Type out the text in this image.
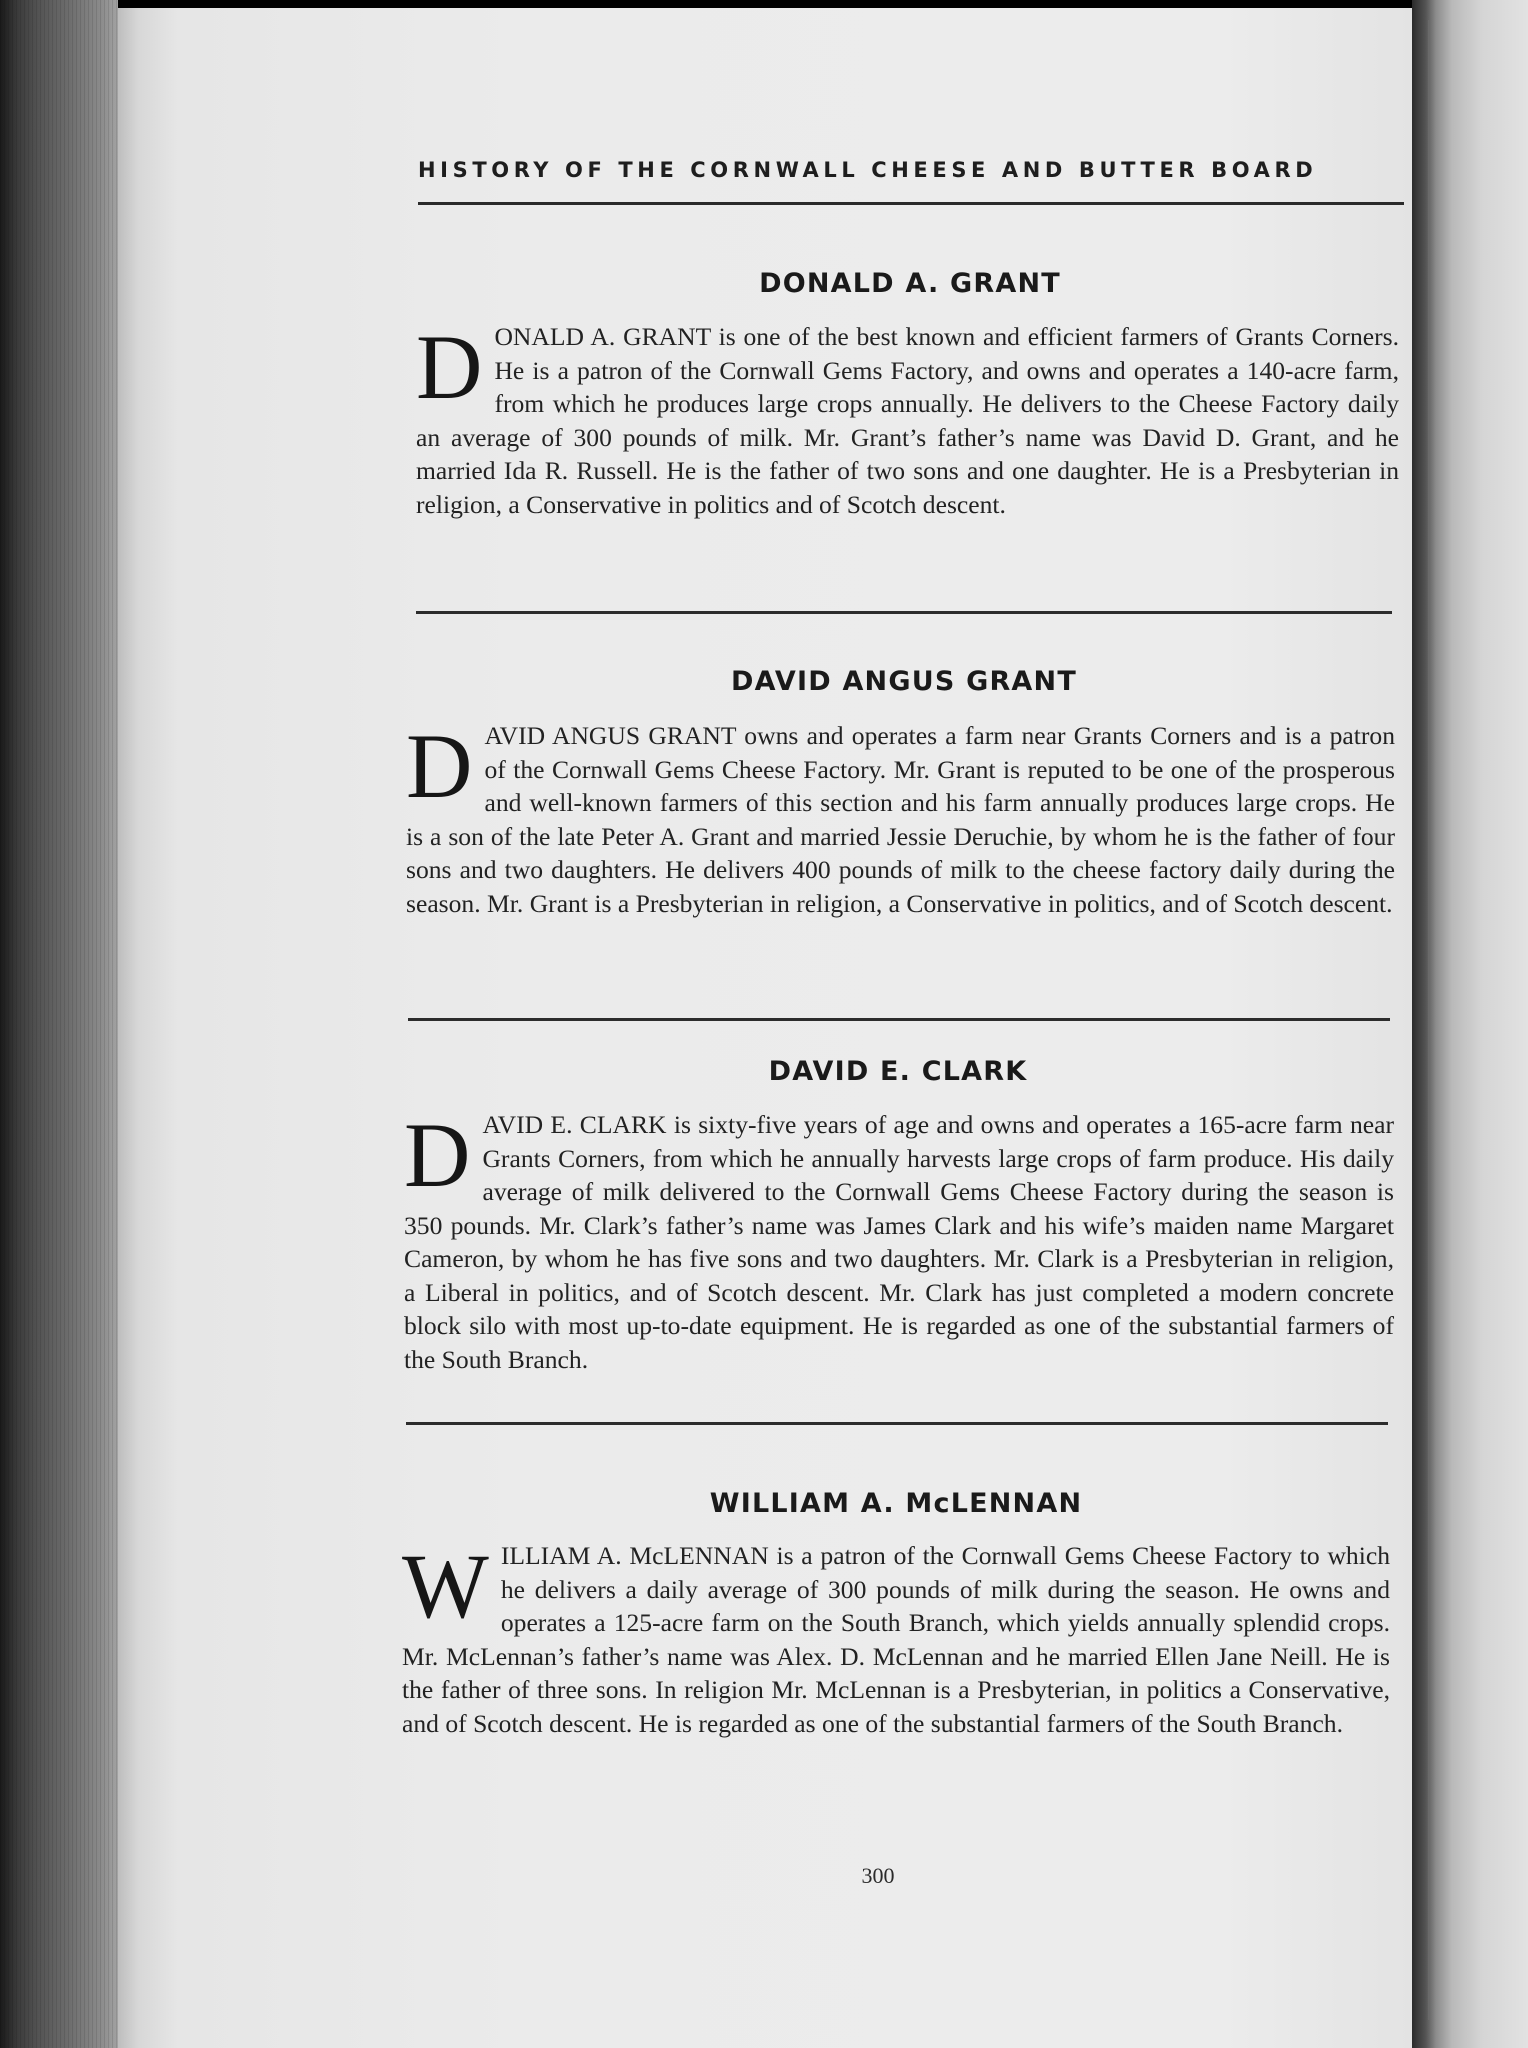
HISTORY OF THE CORNWALL CHEESE AND BUTTER BOARD
DONALD A. GRANT
DONALD A. GRANT is one of the best known and efficient farmers of Grants Corners. He is a patron of the Cornwall Gems Factory, and owns and operates a 140-acre farm, from which he produces large crops annually. He delivers to the Cheese Factory daily an average of 300 pounds of milk. Mr. Grant’s father’s name was David D. Grant, and he married Ida R. Russell. He is the father of two sons and one daughter. He is a Presbyterian in religion, a Conservative in politics and of Scotch descent.
DAVID ANGUS GRANT
DAVID ANGUS GRANT owns and operates a farm near Grants Corners and is a patron of the Cornwall Gems Cheese Factory. Mr. Grant is reputed to be one of the prosperous and well-known farmers of this section and his farm annually produces large crops. He is a son of the late Peter A. Grant and married Jessie Deruchie, by whom he is the father of four sons and two daughters. He delivers 400 pounds of milk to the cheese factory daily during the season. Mr. Grant is a Presbyterian in religion, a Conservative in politics, and of Scotch descent.
DAVID E. CLARK
DAVID E. CLARK is sixty-five years of age and owns and operates a 165-acre farm near Grants Corners, from which he annually harvests large crops of farm produce. His daily average of milk delivered to the Cornwall Gems Cheese Factory during the season is 350 pounds. Mr. Clark’s father’s name was James Clark and his wife’s maiden name Margaret Cameron, by whom he has five sons and two daughters. Mr. Clark is a Presbyterian in religion, a Liberal in politics, and of Scotch descent. Mr. Clark has just completed a modern concrete block silo with most up-to-date equipment. He is regarded as one of the substantial farmers of the South Branch.
WILLIAM A. McLENNAN
WILLIAM A. McLENNAN is a patron of the Cornwall Gems Cheese Factory to which he delivers a daily average of 300 pounds of milk during the season. He owns and operates a 125-acre farm on the South Branch, which yields annually splendid crops. Mr. McLennan’s father’s name was Alex. D. McLennan and he married Ellen Jane Neill. He is the father of three sons. In religion Mr. McLennan is a Presbyterian, in politics a Conservative, and of Scotch descent. He is regarded as one of the substantial farmers of the South Branch.
300
